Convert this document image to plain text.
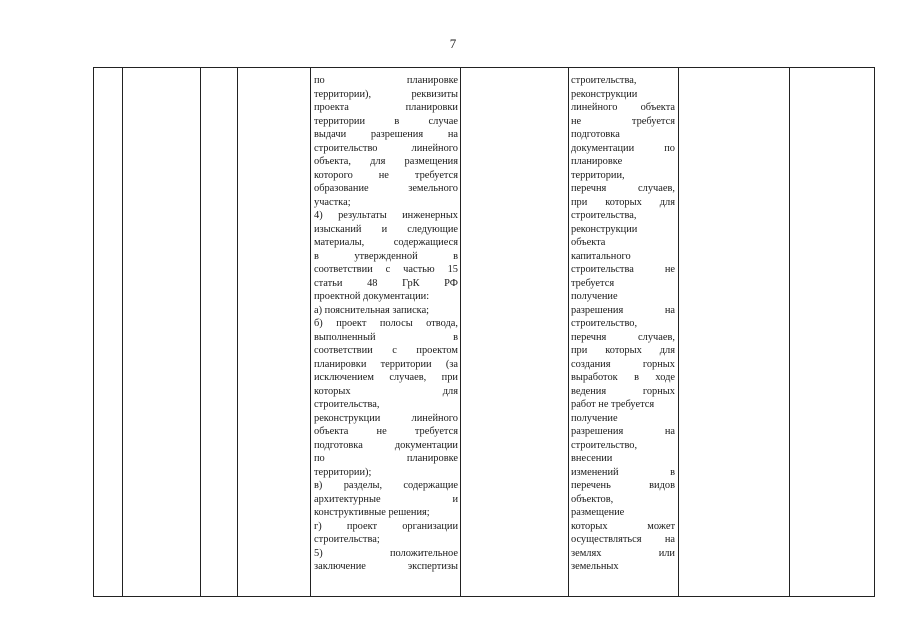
7
по планировке
территории), реквизиты
проекта планировки
территории в случае
выдачи разрешения на
строительство линейного
объекта, для размещения
которого не требуется
образование земельного
участка;
4) результаты инженерных
изысканий и следующие
материалы, содержащиеся
в утвержденной в
соответствии с частью 15
статьи 48 ГрК РФ
проектной документации:
а) пояснительная записка;
б) проект полосы отвода,
выполненный в
соответствии с проектом
планировки территории (за
исключением случаев, при
которых для
строительства,
реконструкции линейного
объекта не требуется
подготовка документации
по планировке
территории);
в) разделы, содержащие
архитектурные и
конструктивные решения;
г) проект организации
строительства;
5) положительное
заключение экспертизы
строительства,
реконструкции
линейного объекта
не требуется
подготовка
документации по
планировке
территории,
перечня случаев,
при которых для
строительства,
реконструкции
объекта
капитального
строительства не
требуется
получение
разрешения на
строительство,
перечня случаев,
при которых для
создания горных
выработок в ходе
ведения горных
работ не требуется
получение
разрешения на
строительство,
внесении
изменений в
перечень видов
объектов,
размещение
которых может
осуществляться на
землях или
земельных
